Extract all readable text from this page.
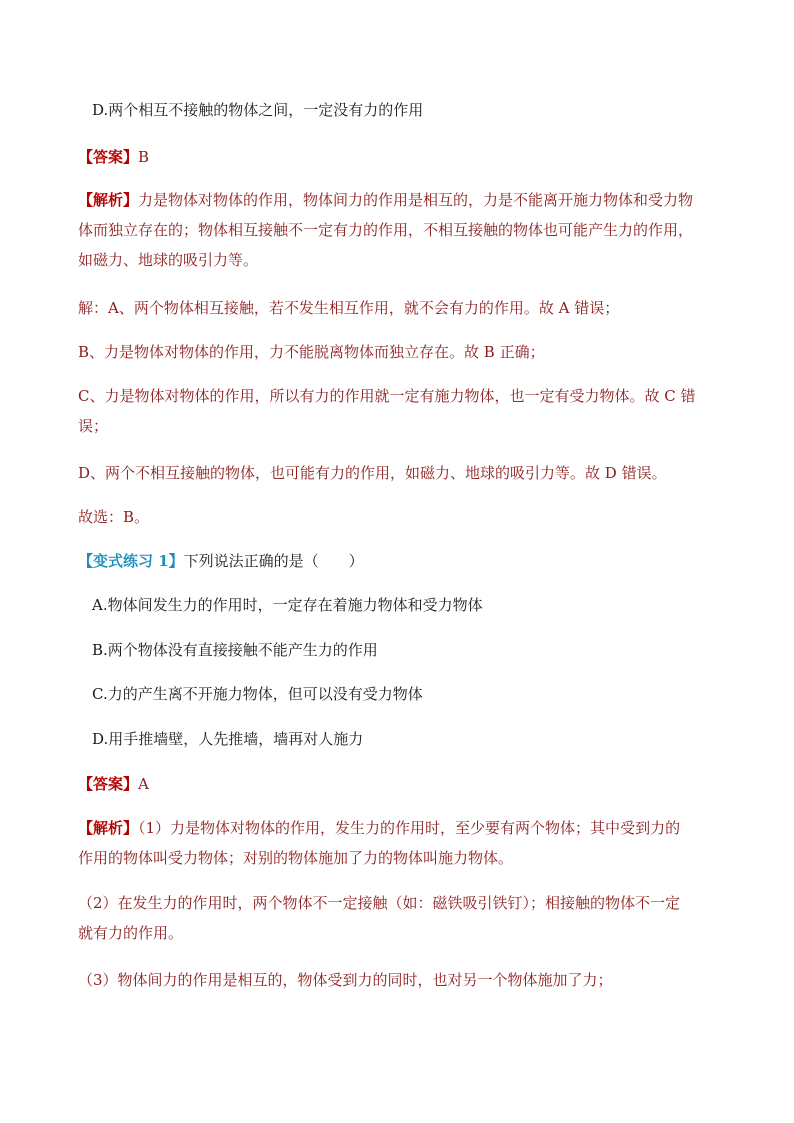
D.两个相互不接触的物体之间，一定没有力的作用
【答案】B
【解析】力是物体对物体的作用，物体间力的作用是相互的，力是不能离开施力物体和受力物
体而独立存在的；物体相互接触不一定有力的作用，不相互接触的物体也可能产生力的作用，
如磁力、地球的吸引力等。
解：A、两个物体相互接触，若不发生相互作用，就不会有力的作用。故 A 错误；
B、力是物体对物体的作用，力不能脱离物体而独立存在。故 B 正确；
C、力是物体对物体的作用，所以有力的作用就一定有施力物体，也一定有受力物体。故 C 错
误；
D、两个不相互接触的物体，也可能有力的作用，如磁力、地球的吸引力等。故 D 错误。
故选：B。
【变式练习 1】下列说法正确的是（　　）
A.物体间发生力的作用时，一定存在着施力物体和受力物体
B.两个物体没有直接接触不能产生力的作用
C.力的产生离不开施力物体，但可以没有受力物体
D.用手推墙壁，人先推墙，墙再对人施力
【答案】A
【解析】（1）力是物体对物体的作用，发生力的作用时，至少要有两个物体；其中受到力的
作用的物体叫受力物体；对别的物体施加了力的物体叫施力物体。
（2）在发生力的作用时，两个物体不一定接触（如：磁铁吸引铁钉）；相接触的物体不一定
就有力的作用。
（3）物体间力的作用是相互的，物体受到力的同时，也对另一个物体施加了力；
